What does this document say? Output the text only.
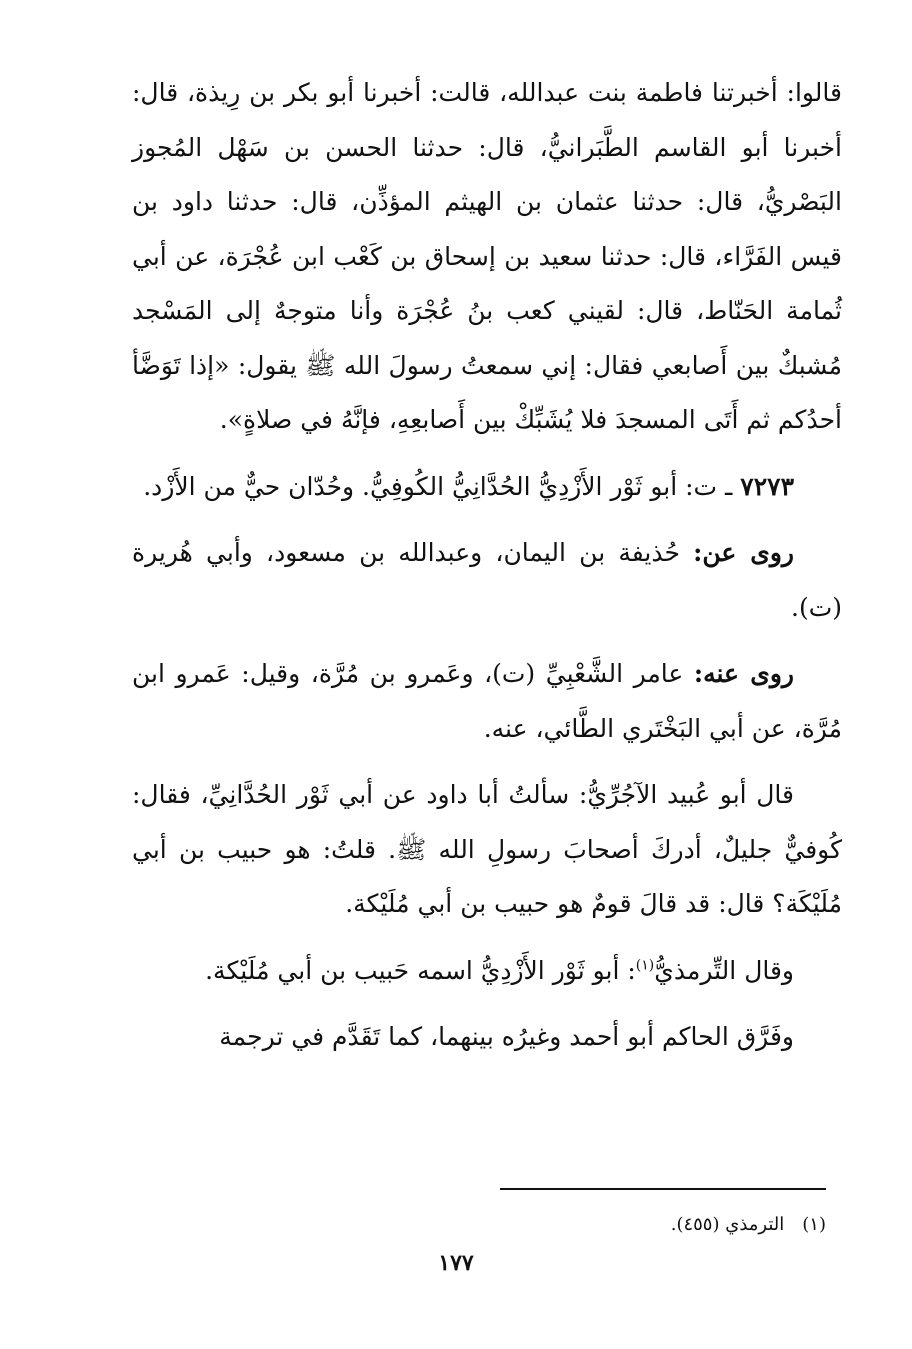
قالوا: أخبرتنا فاطمة بنت عبدالله، قالت: أخبرنا أبو بكر بن رِيذة، قال: أخبرنا أبو القاسم الطَّبَرانيُّ، قال: حدثنا الحسن بن سَهْل المُجوز البَصْريُّ، قال: حدثنا عثمان بن الهيثم المؤذِّن، قال: حدثنا داود بن قيس الفَرَّاء، قال: حدثنا سعيد بن إسحاق بن كَعْب ابن عُجْرَة، عن أبي ثُمامة الحَنّاط، قال: لقيني كعب بنُ عُجْرَة وأنا متوجهٌ إلى المَسْجد مُشبكٌ بين أَصابعي فقال: إني سمعتُ رسولَ الله ﷺ يقول: «إذا تَوَضَّأ أحدُكم ثم أَتَى المسجدَ فلا يُشَبِّكْ بين أَصابعِهِ، فإنَّهُ في صلاةٍ».

٧٢٧٣ ـ ت: أبو ثَوْر الأَزْدِيُّ الحُدَّانِيُّ الكُوفِيُّ. وحُدّان حيٌّ من الأَزْد.

روى عن: حُذيفة بن اليمان، وعبدالله بن مسعود، وأبي هُريرة (ت).

روى عنه: عامر الشَّعْبِيِّ (ت)، وعَمرو بن مُرَّة، وقيل: عَمرو ابن مُرَّة، عن أبي البَخْتَري الطَّائي، عنه.

قال أبو عُبيد الآجُرِّيُّ: سألتُ أبا داود عن أبي ثَوْر الحُدَّانِيِّ، فقال: كُوفيٌّ جليلٌ، أدركَ أصحابَ رسولِ الله ﷺ. قلتُ: هو حبيب بن أبي مُلَيْكَة؟ قال: قد قالَ قومٌ هو حبيب بن أبي مُلَيْكة.

وقال التِّرمذيُّ$^{(١)}$: أبو ثَوْر الأَزْدِيُّ اسمه حَبيب بن أبي مُلَيْكة.

وفَرَّق الحاكم أبو أحمد وغيرُه بينهما، كما تَقَدَّم في ترجمة

(١)الترمذي (٤٥٥).
١٧٧
